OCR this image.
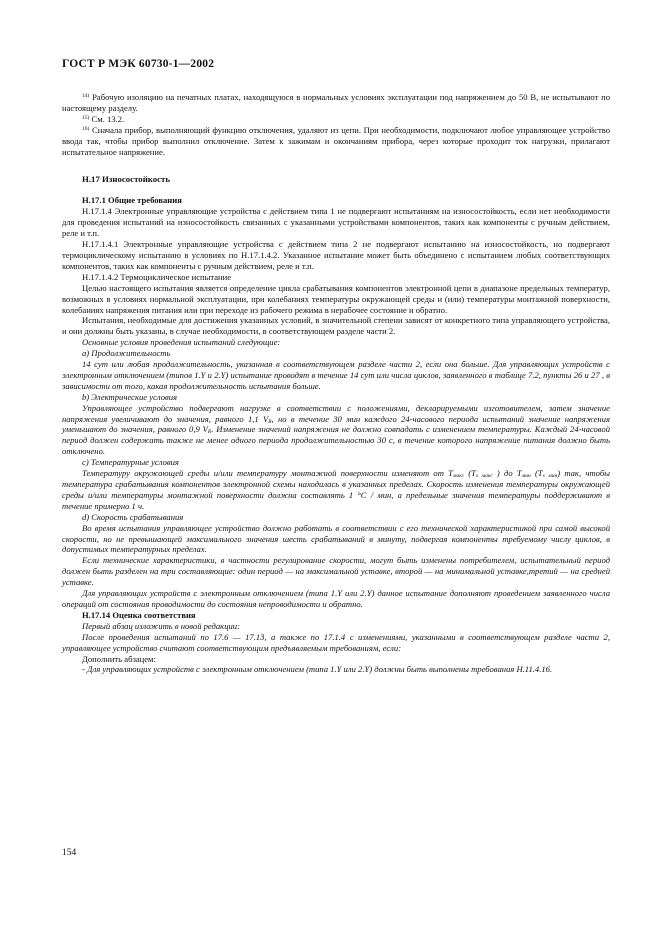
ГОСТ Р МЭК 60730-1—2002

$^{14)}$ Рабочую изоляцию на печатных платах, находящуюся в нормальных условиях эксплуатации под напряжением до 50 В, не испытывают по настоящему разделу.

$^{15)}$ См. 13.2.

$^{16)}$ Сначала прибор, выполняющий функцию отключения, удаляют из цепи. При необходимости, подключают любое управляющее устройство ввода так, чтобы прибор выполнил отключение. Затем к зажимам и окончаниям прибора, через которые проходит ток нагрузки, прилагают испытательное напряжение.

Н.17 Износостойкость
Н.17.1 Общие требования

Н.17.1.4 Электронные управляющие устройства с действием типа 1 не подвергают испытаниям на износостойкость, если нет необходимости для проведения испытаний на износостойкость связанных с указанными устройствами компонентов, таких как компоненты с ручным действием, реле и т.п.

Н.17.1.4.1 Электронные управляющие устройства с действием типа 2 не подвергают испытанию на износостойкость, но подвергают термоциклическому испытанию в условиях по Н.17.1.4.2. Указанное испытание может быть объединено с испытанием любых соответствующих компонентов, таких как компоненты с ручным действием, реле и т.п.

Н.17.1.4.2 Термоциклическое испытание

Целью настоящего испытания является определение цикла срабатывания компонентов электронной цепи в диапазоне предельных температур, возможных в условиях нормальной эксплуатации, при колебаниях температуры окружающей среды и (или) температуры монтажной поверхности, колебаниях напряжения питания или при переходе из рабочего режима в нерабочее состояние и обратно.

Испытания, необходимые для достижения указанных условий, в значительной степени зависят от конкретного типа управляющего устройства, и они должны быть указаны, в случае необходимости, в соответствующем разделе части 2.

Основные условия проведения испытаний следующие:

а) Продолжительность

14 сут или любая продолжительность, указанная в соответствующем разделе части 2, если она больше. Для управляющих устройств с электронным отключением (типов 1.Y и 2.Y) испытание проводят в течение 14 сут или числа циклов, заявленного в таблице 7.2, пункты 26 и 27 , в зависимости от того, какая продолжительность испытания больше.

b) Электрические условия

Управляющее устройство подвергают нагрузке в соответствии с положениями, декларируемыми изготовителем, затем значение напряжения увеличивают до значения, равного 1,1 $V_R$, но в течение 30 мин каждого 24-часового периода испытаний значение напряжения уменьшают до значения, равного 0,9 $V_R$. Изменение значений напряжения не должно совпадать с изменением температуры. Каждый 24-часовой период должен содержать также не менее одного периода продолжительностью 30 с, в течение которого напряжение питания должно быть отключено.

с) Температурные условия

Температуру окружающей среды и/или температуру монтажной поверхности изменяют от $T_{макс}$ ($T_{s макс}$ ) до $T_{мин}$ $(T_{s мин})$ так, чтобы температура срабатывания компонентов электронной схемы находилась в указанных пределах. Скорость изменения температуры окружающей среды и/или температуры монтажной поверхности должна составлять 1 °С / мин, а предельные значения температуры поддерживают в течение примерно 1 ч.

d) Скорость срабатывания

Во время испытания управляющее устройство должно работать в соответствии с его технической характеристикой при самой высокой скорости, но не превышающей максимального значения шесть срабатываний в минуту, подвергая компоненты требуемому числу циклов, в допустимых температурных пределах.

Если технические характеристики, в частности регулирование скорости, могут быть изменены потребителем, испытательный период должен быть разделен на три составляющие: один период — на максимальной уставке, второй — на минимальной уставке,третий — на средней уставке.

Для управляющих устройств с электронным отключением (типа 1.Y или 2.Y) данное испытание дополняют проведением заявленного числа операций от состояния проводимости до состояния непроводимости и обратно.

Н.17.14 Оценка соответствия

Первый абзац изложить в новой редакции:

После проведения испытаний по 17.6 — 17.13, а также по 17.1.4 с изменениями, указанными в соответствующем разделе части 2, управляющее устройство считают соответствующим предъявляемым требованиям, если:

Дополнить абзацем:

- Для управляющих устройств с электронным отключением (типа 1.Y или 2.Y) должны быть выполнены требования Н.11.4.16.

154
